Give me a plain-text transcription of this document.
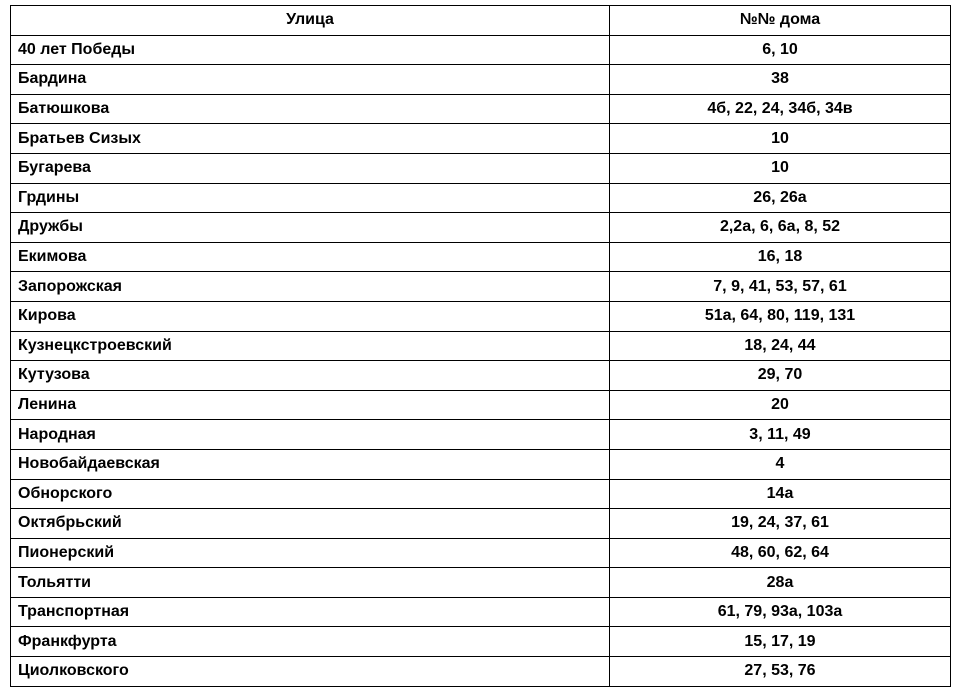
Улица	№№ дома
40 лет Победы	6, 10
Бардина	38
Батюшкова	4б, 22, 24, 34б, 34в
Братьев Сизых	10
Бугарева	10
Грдины	26, 26а
Дружбы	2,2а, 6, 6а, 8, 52
Екимова	16, 18
Запорожская	7, 9, 41, 53, 57, 61
Кирова	51а, 64, 80, 119, 131
Кузнецкстроевский	18, 24, 44
Кутузова	29, 70
Ленина	20
Народная	3, 11, 49
Новобайдаевская	4
Обнорского	14а
Октябрьский	19, 24, 37, 61
Пионерский	48, 60, 62, 64
Тольятти	28а
Транспортная	61, 79, 93а, 103а
Франкфурта	15, 17, 19
Циолковского	27, 53, 76
